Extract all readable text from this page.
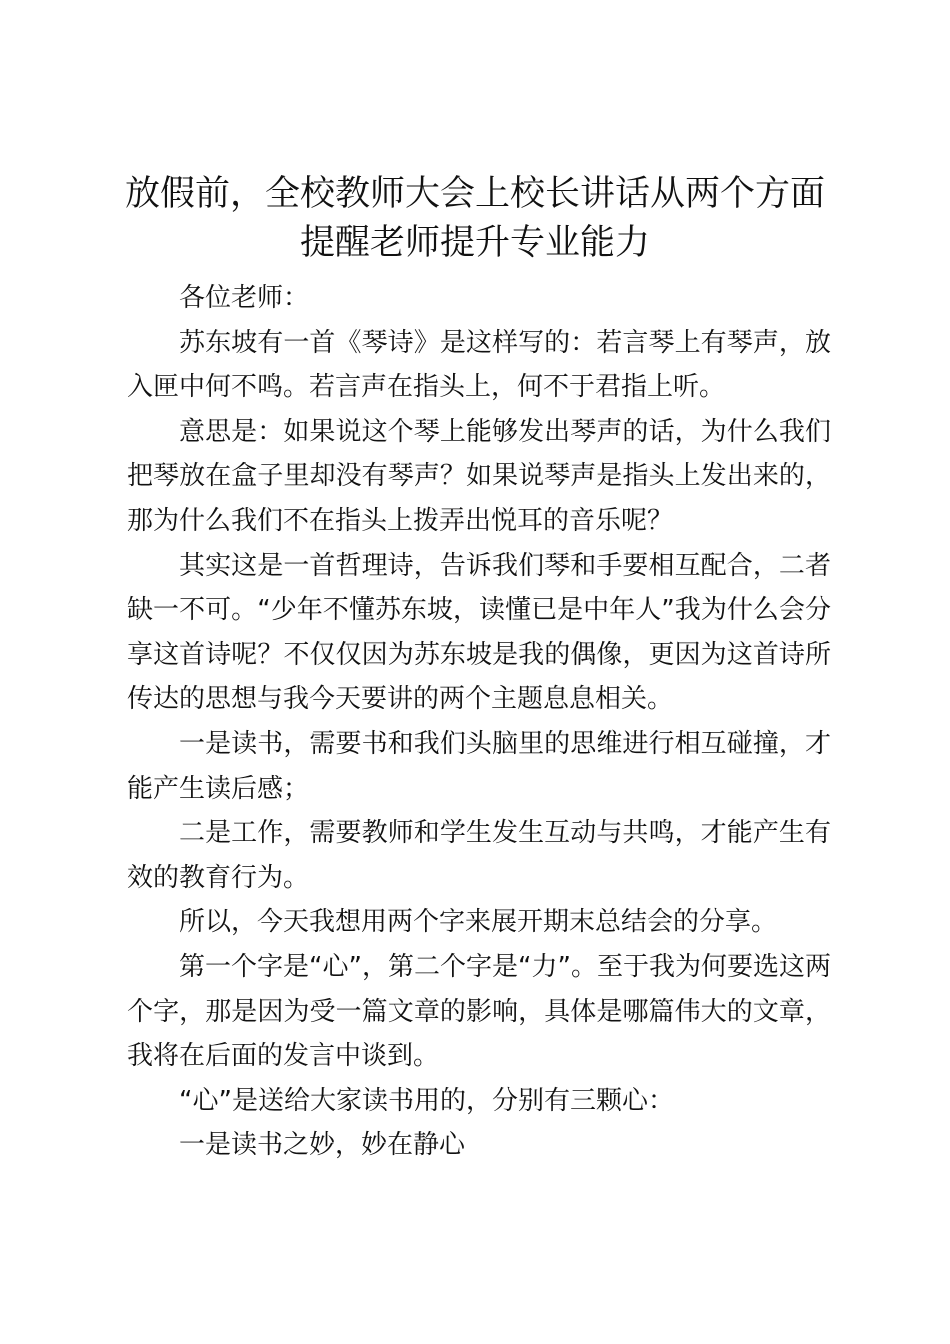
放假前，全校教师大会上校长讲话从两个方面
提醒老师提升专业能力

各位老师：

苏东坡有一首《琴诗》是这样写的：若言琴上有琴声，放入匣中何不鸣。若言声在指头上，何不于君指上听。

意思是：如果说这个琴上能够发出琴声的话，为什么我们把琴放在盒子里却没有琴声？如果说琴声是指头上发出来的，那为什么我们不在指头上拨弄出悦耳的音乐呢？

其实这是一首哲理诗，告诉我们琴和手要相互配合，二者缺一不可。“少年不懂苏东坡，读懂已是中年人”我为什么会分享这首诗呢？不仅仅因为苏东坡是我的偶像，更因为这首诗所传达的思想与我今天要讲的两个主题息息相关。

一是读书，需要书和我们头脑里的思维进行相互碰撞，才能产生读后感；

二是工作，需要教师和学生发生互动与共鸣，才能产生有效的教育行为。

所以，今天我想用两个字来展开期末总结会的分享。

第一个字是“心”，第二个字是“力”。至于我为何要选这两个字，那是因为受一篇文章的影响，具体是哪篇伟大的文章，我将在后面的发言中谈到。

“心”是送给大家读书用的，分别有三颗心：

一是读书之妙，妙在静心
